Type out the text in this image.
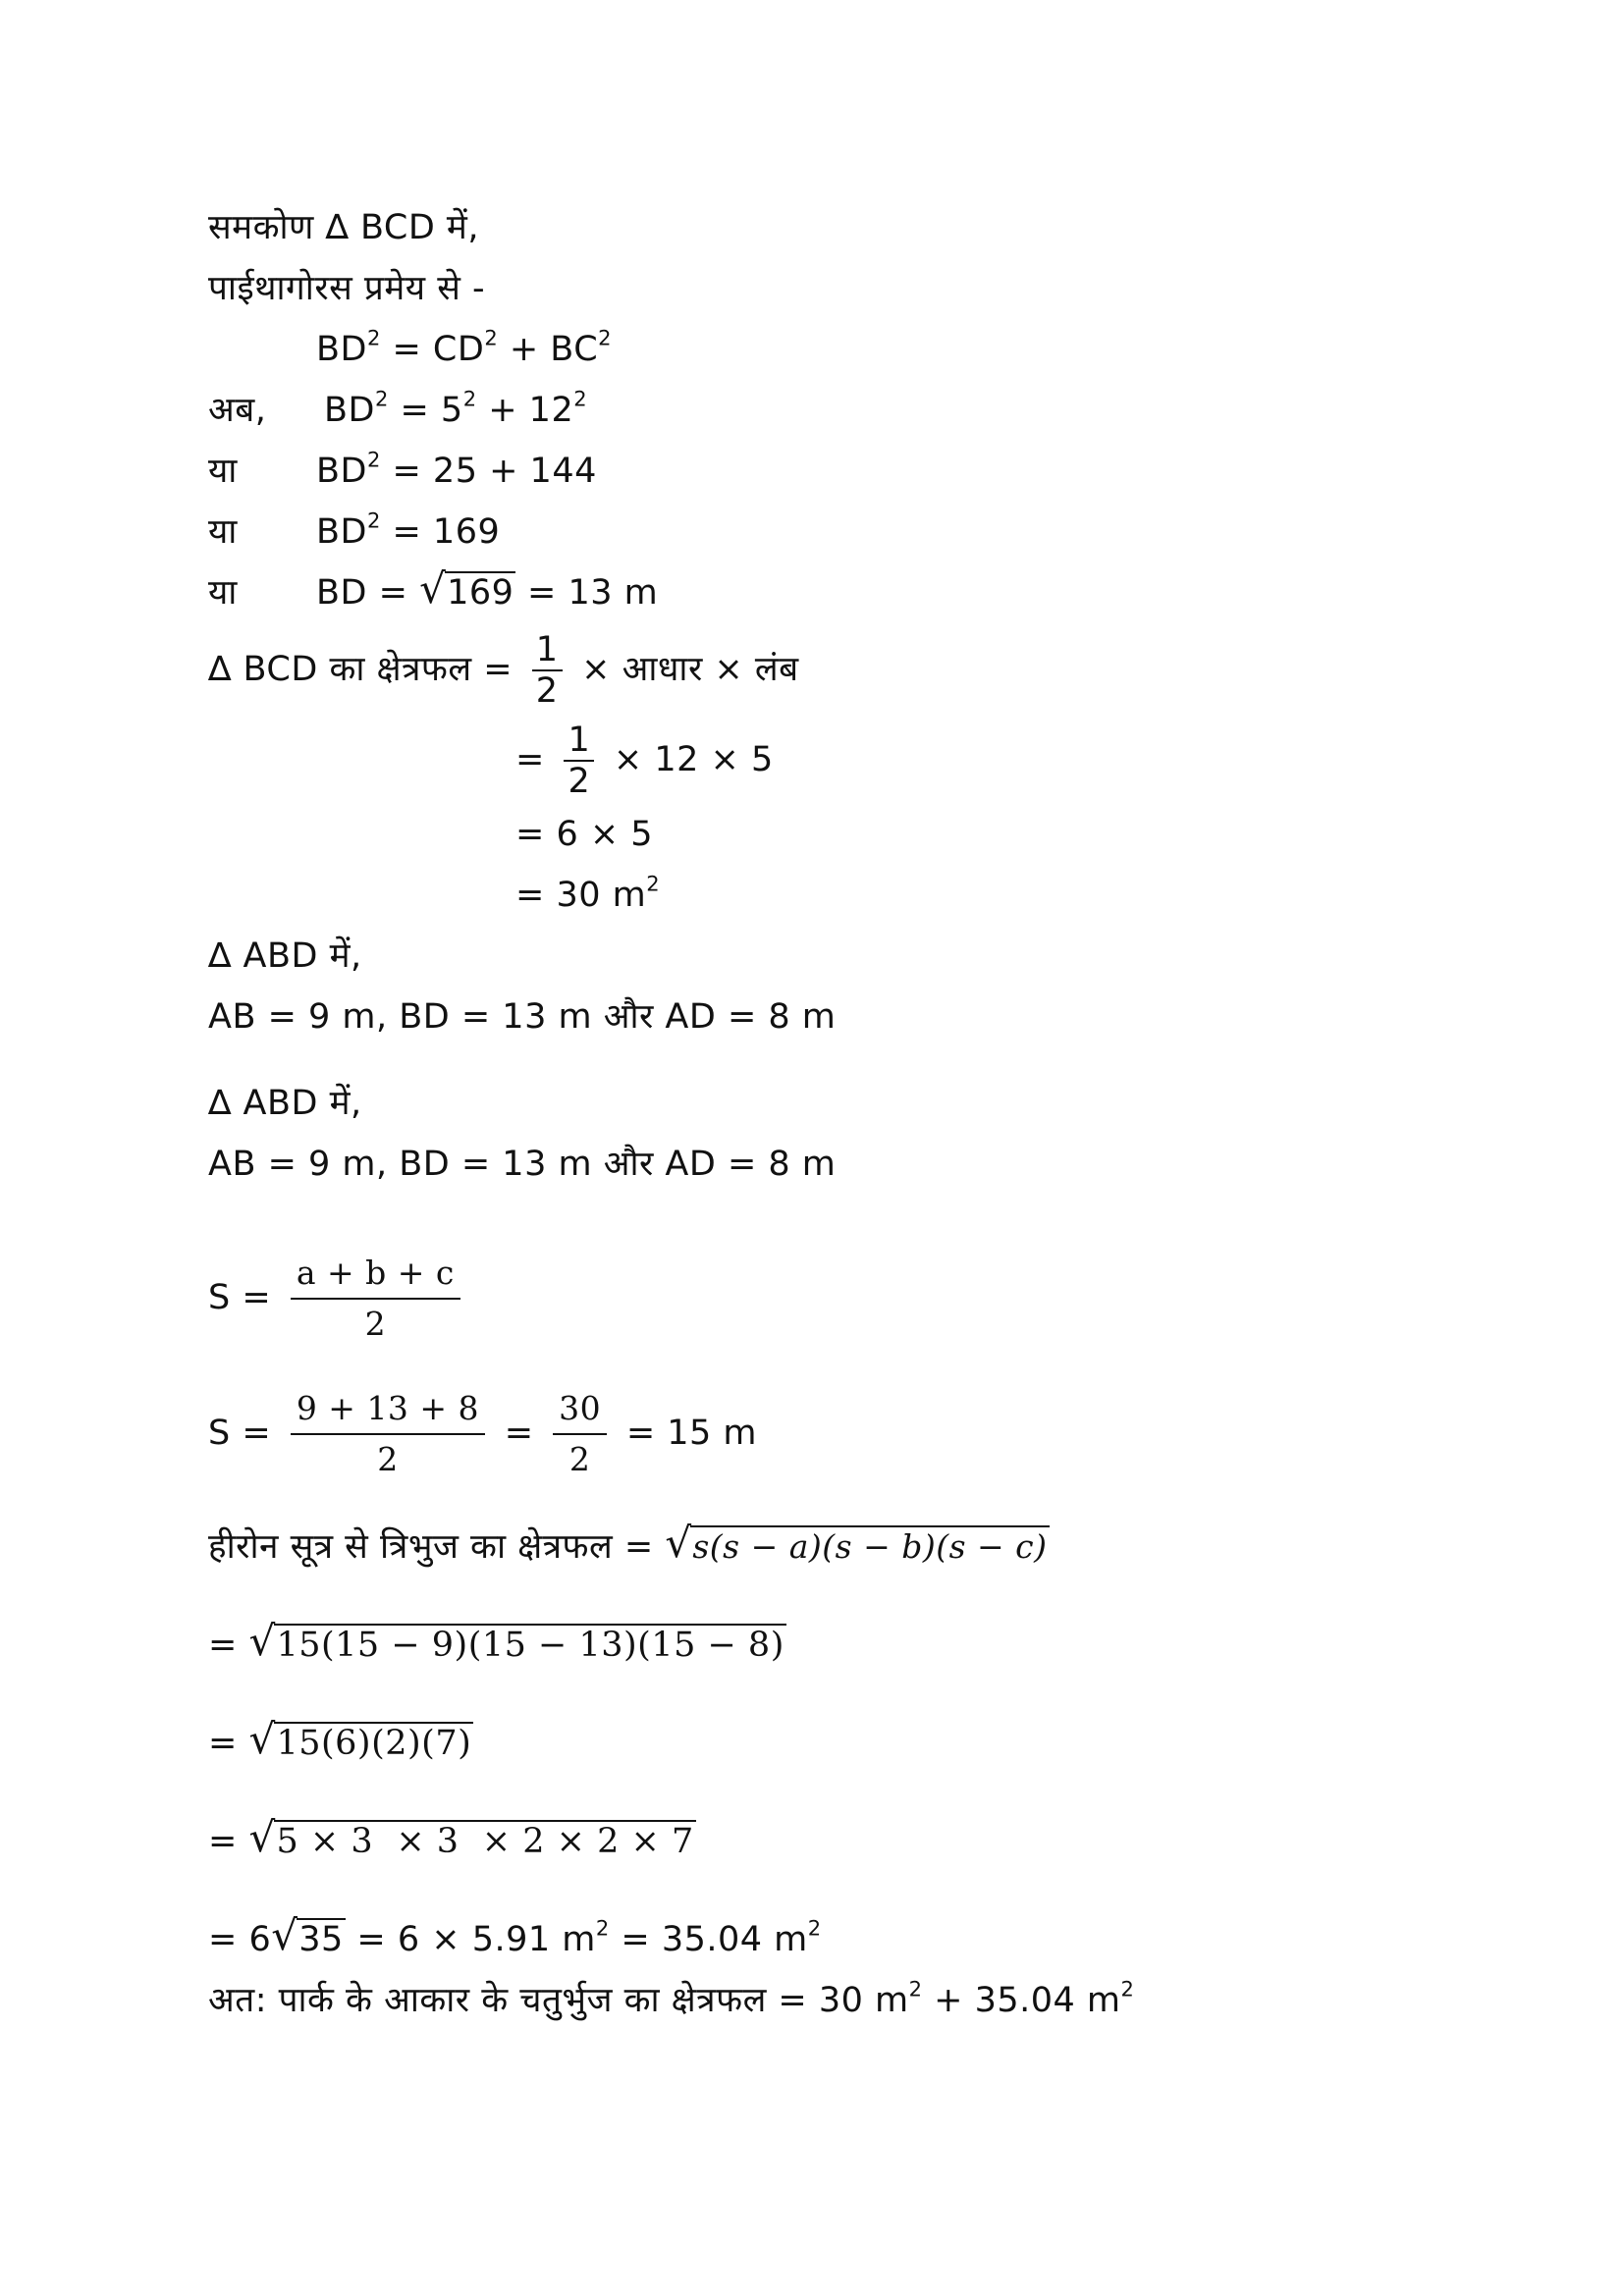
समकोण ∆ BCD में,
पाईथागोरस प्रमेय से -
$BD^2 = CD^2 + BC^2$
अब, $BD^2 = 5^2 + 12^2$
या $BD^2 = 25 + 144$
या $BD^2 = 169$
या BD = √ 169 = 13 m
∆ BCD का क्षेत्रफल = $\frac{1}{2}$ × आधार × लंब
= $\frac{1}{2} \times 12 \times 5$
= 6 × 5
= 30 $m^2$
∆ ABD में,
AB = 9 m, BD = 13 m और AD = 8 m
∆ ABD में,
AB = 9 m, BD = 13 m और AD = 8 m
$S = \frac{a + b + c}{2}$
$S = \frac{9 + 13 + 8}{2} = \frac{30}{2} = 15$ m
हीरोन सूत्र से त्रिभुज का क्षेत्रफल = √ s(s − a)(s − b)(s − c)
= √ 15(15 − 9)(15 − 13)(15 − 8)
= √ 15(6)(2)(7)
= √ 5 × 3  × 3  × 2 × 2 × 7
= 6 √ 35 = 6 × 5.91 $m^2 = 35.04$ $m^2$
अत: पार्क के आकार के चतुर्भुज का क्षेत्रफल = 30 $m^2 + 35.04$ $m^2$
